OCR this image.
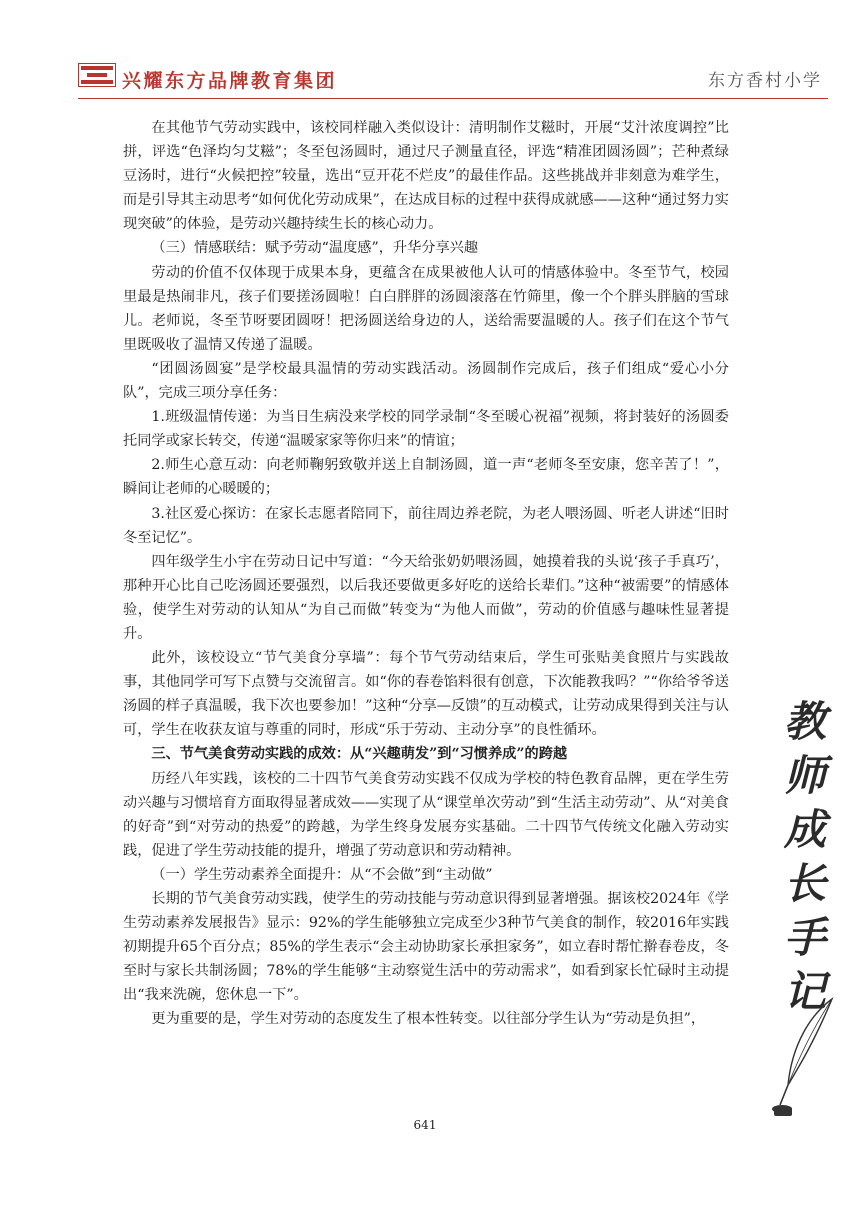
兴耀东方品牌教育集团	东方香村小学

在其他节气劳动实践中，该校同样融入类似设计：清明制作艾糍时，开展“艾汁浓度调控”比拼，评选“色泽均匀艾糍”；冬至包汤圆时，通过尺子测量直径，评选“精准团圆汤圆”；芒种煮绿豆汤时，进行“火候把控”较量，选出“豆开花不烂皮”的最佳作品。这些挑战并非刻意为难学生，而是引导其主动思考“如何优化劳动成果”，在达成目标的过程中获得成就感——这种“通过努力实现突破”的体验，是劳动兴趣持续生长的核心动力。

（三）情感联结：赋予劳动“温度感”，升华分享兴趣

劳动的价值不仅体现于成果本身，更蕴含在成果被他人认可的情感体验中。冬至节气，校园里最是热闹非凡，孩子们要搓汤圆啦！白白胖胖的汤圆滚落在竹筛里，像一个个胖头胖脑的雪球儿。老师说，冬至节呀要团圆呀！把汤圆送给身边的人，送给需要温暖的人。孩子们在这个节气里既吸收了温情又传递了温暖。

“团圆汤圆宴”是学校最具温情的劳动实践活动。汤圆制作完成后，孩子们组成“爱心小分队”，完成三项分享任务：

1.班级温情传递：为当日生病没来学校的同学录制“冬至暖心祝福”视频，将封装好的汤圆委托同学或家长转交，传递“温暖家家等你归来”的情谊；

2.师生心意互动：向老师鞠躬致敬并送上自制汤圆，道一声“老师冬至安康，您辛苦了！”，瞬间让老师的心暖暖的；

3.社区爱心探访：在家长志愿者陪同下，前往周边养老院，为老人喂汤圆、听老人讲述“旧时冬至记忆”。

四年级学生小宇在劳动日记中写道：“今天给张奶奶喂汤圆，她摸着我的头说‘孩子手真巧’，那种开心比自己吃汤圆还要强烈，以后我还要做更多好吃的送给长辈们。”这种“被需要”的情感体验，使学生对劳动的认知从“为自己而做”转变为“为他人而做”，劳动的价值感与趣味性显著提升。

此外，该校设立“节气美食分享墙”：每个节气劳动结束后，学生可张贴美食照片与实践故事，其他同学可写下点赞与交流留言。如“你的春卷馅料很有创意，下次能教我吗？”“你给爷爷送汤圆的样子真温暖，我下次也要参加！”这种“分享—反馈”的互动模式，让劳动成果得到关注与认可，学生在收获友谊与尊重的同时，形成“乐于劳动、主动分享”的良性循环。

三、节气美食劳动实践的成效：从“兴趣萌发”到“习惯养成”的跨越

历经八年实践，该校的二十四节气美食劳动实践不仅成为学校的特色教育品牌，更在学生劳动兴趣与习惯培育方面取得显著成效——实现了从“课堂单次劳动”到“生活主动劳动”、从“对美食的好奇”到“对劳动的热爱”的跨越，为学生终身发展夯实基础。二十四节气传统文化融入劳动实践，促进了学生劳动技能的提升，增强了劳动意识和劳动精神。

（一）学生劳动素养全面提升：从“不会做”到“主动做”

长期的节气美食劳动实践，使学生的劳动技能与劳动意识得到显著增强。据该校2024年《学生劳动素养发展报告》显示：92%的学生能够独立完成至少3种节气美食的制作，较2016年实践初期提升65个百分点；85%的学生表示“会主动协助家长承担家务”，如立春时帮忙擀春卷皮，冬至时与家长共制汤圆；78%的学生能够“主动察觉生活中的劳动需求”，如看到家长忙碌时主动提出“我来洗碗，您休息一下”。

更为重要的是，学生对劳动的态度发生了根本性转变。以往部分学生认为“劳动是负担”，

641
教
师
成
长
手
记
